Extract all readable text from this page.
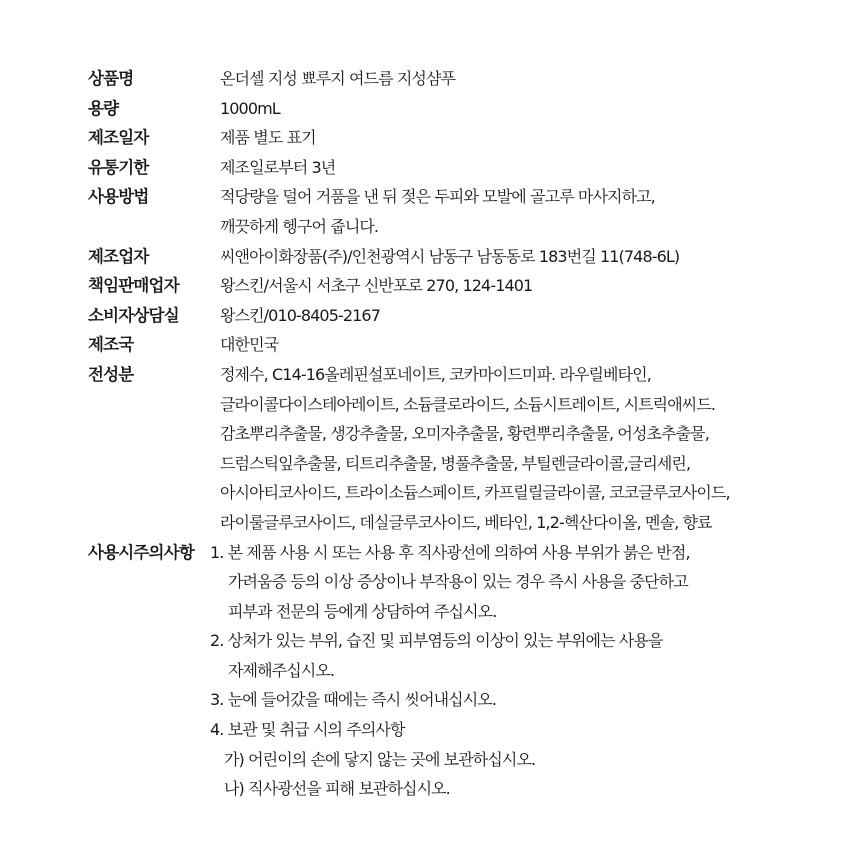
상품명	온더셀 지성 뾰루지 여드름 지성샴푸
용량	1000mL
제조일자	제품 별도 표기
유통기한	제조일로부터 3년
사용방법	적당량을 덜어 거품을 낸 뒤 젖은 두피와 모발에 골고루 마사지하고,
깨끗하게 헹구어 줍니다.
제조업자	씨앤아이화장품(주)/인천광역시 남동구 남동동로 183번길 11(748-6L)
책임판매업자	왕스킨/서울시 서초구 신반포로 270, 124-1401
소비자상담실	왕스킨/010-8405-2167
제조국	대한민국
전성분	정제수, C14-16올레핀설포네이트, 코카마이드미파. 라우릴베타인,
글라이콜다이스테아레이트, 소듐클로라이드, 소듐시트레이트, 시트릭애씨드.
감초뿌리추출물, 생강추출물, 오미자추출물, 황련뿌리추출물, 어성초추출물,
드럼스틱잎추출물, 티트리추출물, 병풀추출물, 부틸렌글라이콜,글리세린,
아시아티코사이드, 트라이소듐스페이트, 카프릴릴글라이콜, 코코글루코사이드,
라이룰글루코사이드, 데실글루코사이드, 베타인, 1,2-헥산다이올, 멘솔, 향료
사용시주의사항	1. 본 제품 사용 시 또는 사용 후 직사광선에 의하여 사용 부위가 붉은 반점,
가려움증 등의 이상 증상이나 부작용이 있는 경우 즉시 사용을 중단하고
피부과 전문의 등에게 상담하여 주십시오.
2. 상처가 있는 부위, 습진 및 피부염등의 이상이 있는 부위에는 사용을
자제해주십시오.
3. 눈에 들어갔을 때에는 즉시 씻어내십시오.
4. 보관 및 취급 시의 주의사항
가) 어린이의 손에 닿지 않는 곳에 보관하십시오.
나) 직사광선을 피해 보관하십시오.
